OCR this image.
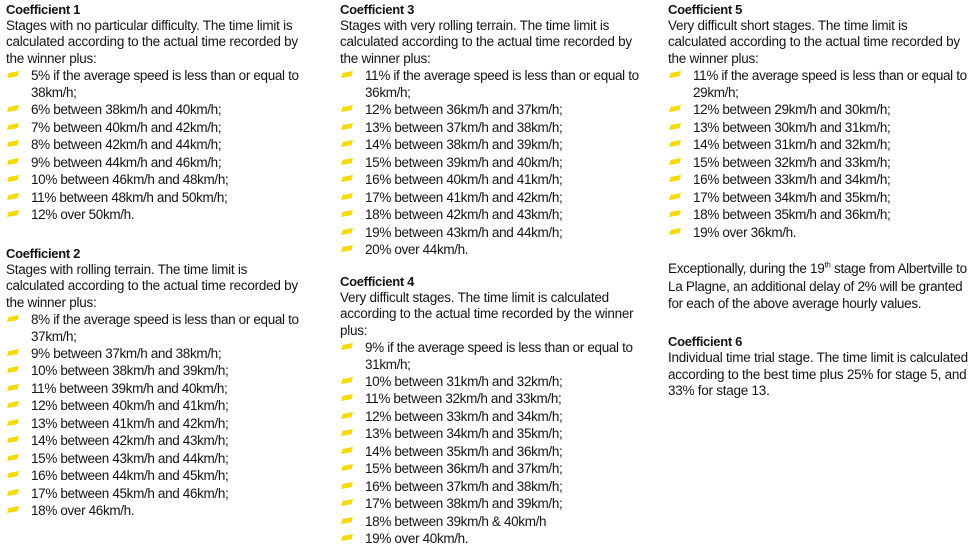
Coefficient 1

Stages with no particular difficulty. The time limit is calculated according to the actual time recorded by the winner plus:

5% if the average speed is less than or equal to 38km/h;
6% between 38km/h and 40km/h;
7% between 40km/h and 42km/h;
8% between 42km/h and 44km/h;
9% between 44km/h and 46km/h;
10% between 46km/h and 48km/h;
11% between 48km/h and 50km/h;
12% over 50km/h.
Coefficient 2

Stages with rolling terrain. The time limit is calculated according to the actual time recorded by the winner plus:

8% if the average speed is less than or equal to 37km/h;
9% between 37km/h and 38km/h;
10% between 38km/h and 39km/h;
11% between 39km/h and 40km/h;
12% between 40km/h and 41km/h;
13% between 41km/h and 42km/h;
14% between 42km/h and 43km/h;
15% between 43km/h and 44km/h;
16% between 44km/h and 45km/h;
17% between 45km/h and 46km/h;
18% over 46km/h.
Coefficient 3

Stages with very rolling terrain. The time limit is calculated according to the actual time recorded by the winner plus:

11% if the average speed is less than or equal to 36km/h;
12% between 36km/h and 37km/h;
13% between 37km/h and 38km/h;
14% between 38km/h and 39km/h;
15% between 39km/h and 40km/h;
16% between 40km/h and 41km/h;
17% between 41km/h and 42km/h;
18% between 42km/h and 43km/h;
19% between 43km/h and 44km/h;
20% over 44km/h.
Coefficient 4

Very difficult stages. The time limit is calculated according to the actual time recorded by the winner plus:

9% if the average speed is less than or equal to 31km/h;
10% between 31km/h and 32km/h;
11% between 32km/h and 33km/h;
12% between 33km/h and 34km/h;
13% between 34km/h and 35km/h;
14% between 35km/h and 36km/h;
15% between 36km/h and 37km/h;
16% between 37km/h and 38km/h;
17% between 38km/h and 39km/h;
18% between 39km/h & 40km/h
19% over 40km/h.
Coefficient 5

Very difficult short stages. The time limit is calculated according to the actual time recorded by the winner plus:

11% if the average speed is less than or equal to 29km/h;
12% between 29km/h and 30km/h;
13% between 30km/h and 31km/h;
14% between 31km/h and 32km/h;
15% between 32km/h and 33km/h;
16% between 33km/h and 34km/h;
17% between 34km/h and 35km/h;
18% between 35km/h and 36km/h;
19% over 36km/h.

Exceptionally, during the 19th stage from Albertville to La Plagne, an additional delay of 2% will be granted for each of the above average hourly values.

Coefficient 6

Individual time trial stage. The time limit is calculated according to the best time plus 25% for stage 5, and 33% for stage 13.
